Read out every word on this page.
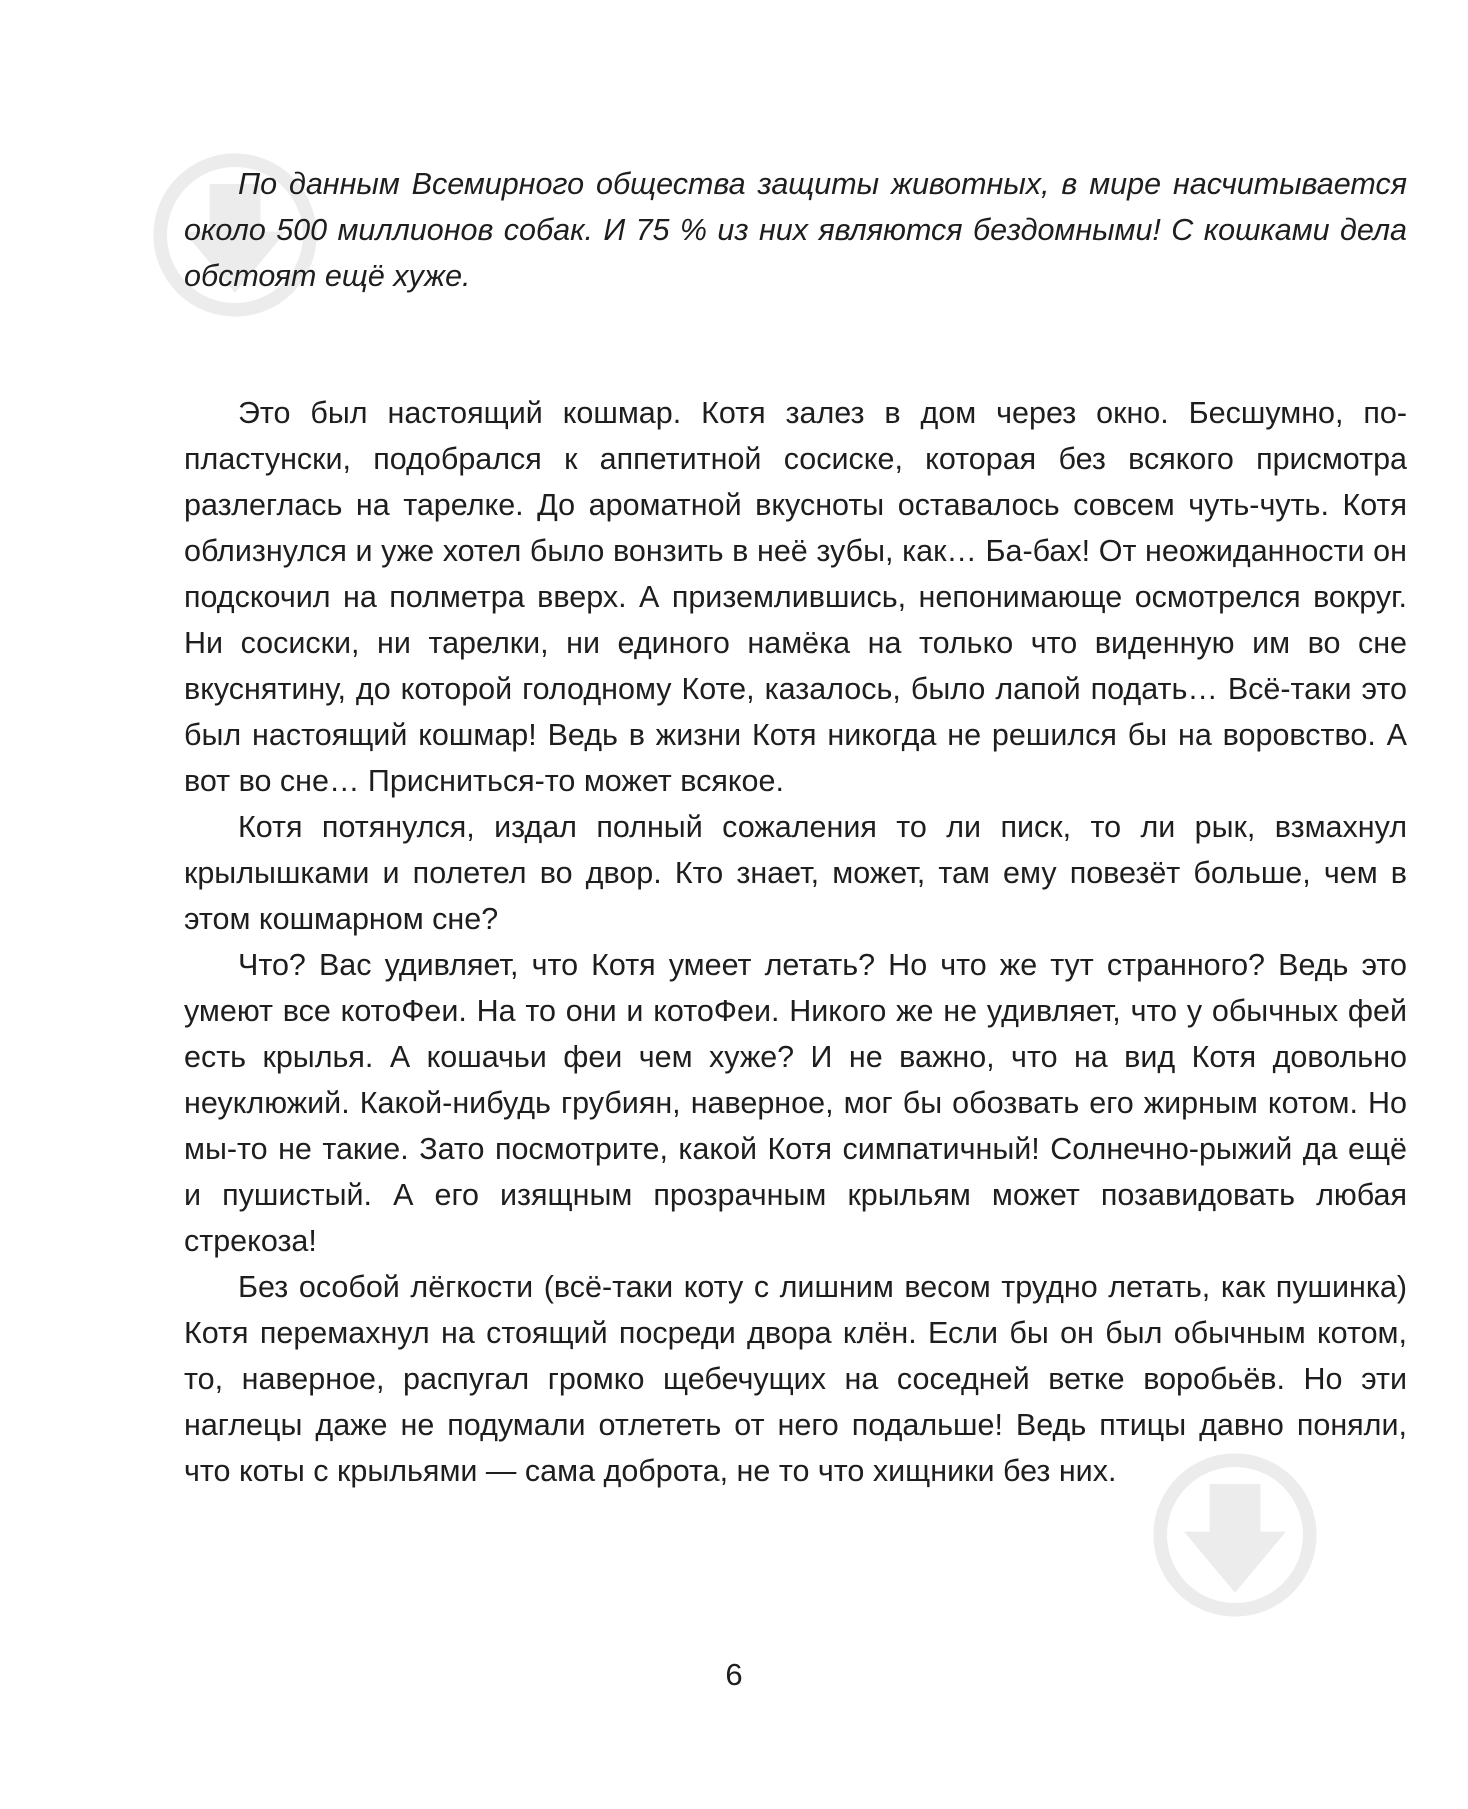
По данным Всемирного общества защиты животных, в мире насчитывается около 500 миллионов собак. И 75 % из них являются бездомными! С кошками дела обстоят ещё хуже.

Это был настоящий кошмар. Котя залез в дом через окно. Бесшумно, по-пластунски, подобрался к аппетитной сосиске, которая без всякого присмотра разлеглась на тарелке. До ароматной вкусноты оставалось совсем чуть-чуть. Котя облизнулся и уже хотел было вонзить в неё зубы, как… Ба-бах! От неожиданности он подскочил на полметра вверх. А приземлившись, непонимающе осмотрелся вокруг. Ни сосиски, ни тарелки, ни единого намёка на только что виденную им во сне вкуснятину, до которой голодному Коте, казалось, было лапой подать… Всё-таки это был настоящий кошмар! Ведь в жизни Котя никогда не решился бы на воровство. А вот во сне… Присниться-то может всякое.

Котя потянулся, издал полный сожаления то ли писк, то ли рык, взмахнул крылышками и полетел во двор. Кто знает, может, там ему повезёт больше, чем в этом кошмарном сне?

Что? Вас удивляет, что Котя умеет летать? Но что же тут странного? Ведь это умеют все котоФеи. На то они и котоФеи. Никого же не удивляет, что у обычных фей есть крылья. А кошачьи феи чем хуже? И не важно, что на вид Котя довольно неуклюжий. Какой-нибудь грубиян, наверное, мог бы обозвать его жирным котом. Но мы-то не такие. Зато посмотрите, какой Котя симпатичный! Солнечно-рыжий да ещё и пушистый. А его изящным прозрачным крыльям может позавидовать любая стрекоза!

Без особой лёгкости (всё-таки коту с лишним весом трудно летать, как пушинка) Котя перемахнул на стоящий посреди двора клён. Если бы он был обычным котом, то, наверное, распугал громко щебечущих на соседней ветке воробьёв. Но эти наглецы даже не подумали отлететь от него подальше! Ведь птицы давно поняли, что коты с крыльями — сама доброта, не то что хищники без них.

6
